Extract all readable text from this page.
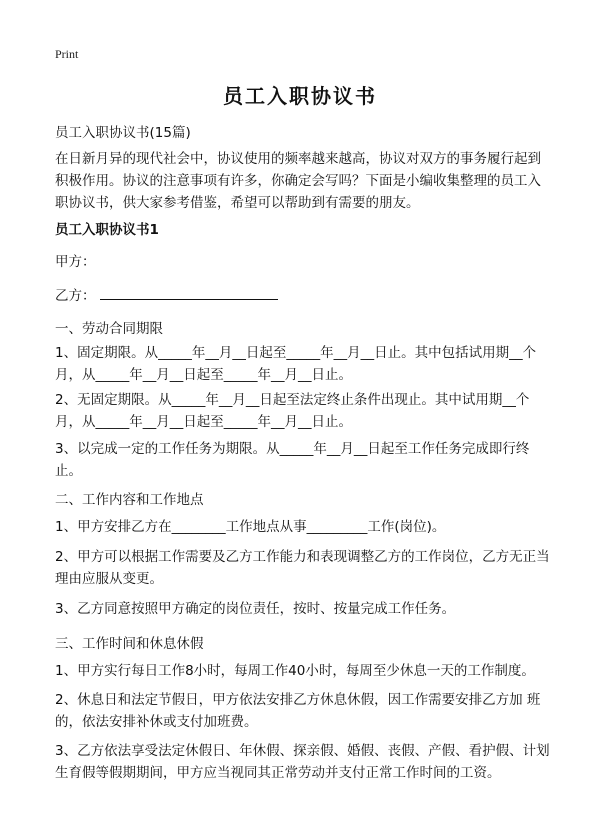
Print
员工入职协议书
员工入职协议书(15篇)
在日新月异的现代社会中，协议使用的频率越来越高，协议对双方的事务履行起到积极作用。协议的注意事项有许多，你确定会写吗？下面是小编收集整理的员工入职协议书，供大家参考借鉴，希望可以帮助到有需要的朋友。
员工入职协议书1
甲方：
乙方：
一、劳动合同期限
1、固定期限。从_____年__月__日起至_____年__月__日止。其中包括试用期__个月，从_____年__月__日起至_____年__月__日止。
2、无固定期限。从_____年__月__日起至法定终止条件出现止。其中试用期__个月，从_____年__月__日起至_____年__月__日止。
3、以完成一定的工作任务为期限。从_____年__月__日起至工作任务完成即行终止。
二、工作内容和工作地点
1、甲方安排乙方在________工作地点从事_________工作(岗位)。
2、甲方可以根据工作需要及乙方工作能力和表现调整乙方的工作岗位，乙方无正当理由应服从变更。
3、乙方同意按照甲方确定的岗位责任，按时、按量完成工作任务。
三、工作时间和休息休假
1、甲方实行每日工作8小时，每周工作40小时，每周至少休息一天的工作制度。
2、休息日和法定节假日，甲方依法安排乙方休息休假，因工作需要安排乙方加 班的，依法安排补休或支付加班费。
3、乙方依法享受法定休假日、年休假、探亲假、婚假、丧假、产假、看护假、计划生育假等假期期间，甲方应当视同其正常劳动并支付正常工作时间的工资。
